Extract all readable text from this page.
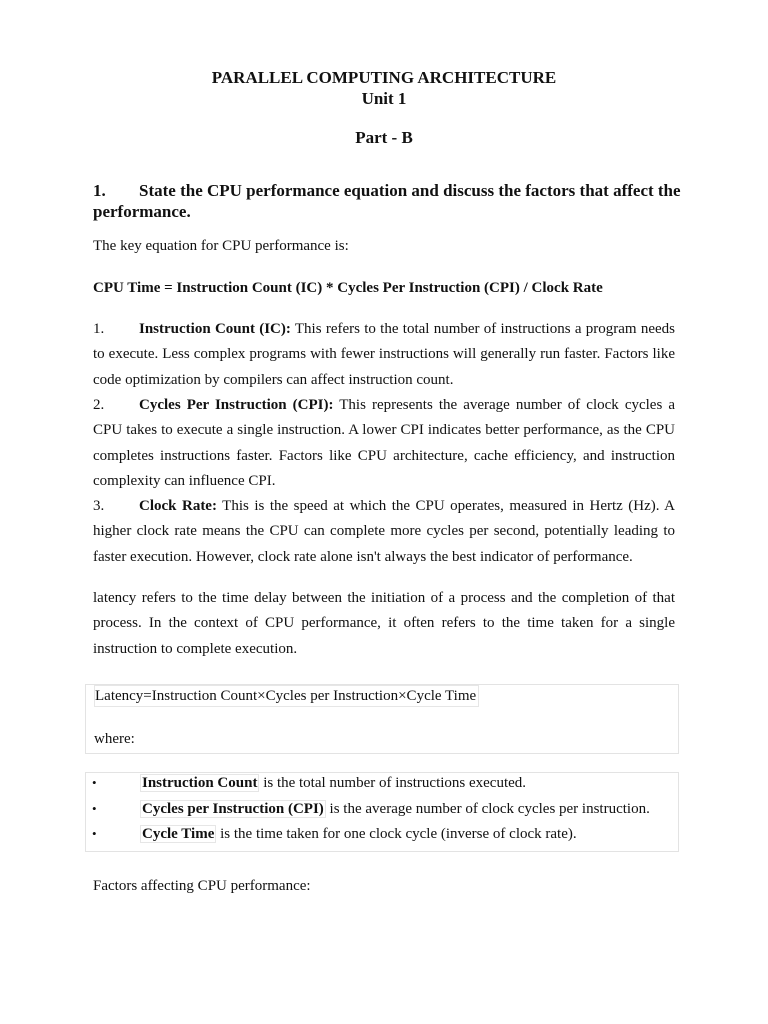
PARALLEL COMPUTING ARCHITECTURE
Unit 1
Part - B
1. State the CPU performance equation and discuss the factors that affect the performance.
The key equation for CPU performance is:
CPU Time = Instruction Count (IC) * Cycles Per Instruction (CPI) / Clock Rate
1. Instruction Count (IC): This refers to the total number of instructions a program needs to execute. Less complex programs with fewer instructions will generally run faster. Factors like code optimization by compilers can affect instruction count.
2. Cycles Per Instruction (CPI): This represents the average number of clock cycles a CPU takes to execute a single instruction. A lower CPI indicates better performance, as the CPU completes instructions faster. Factors like CPU architecture, cache efficiency, and instruction complexity can influence CPI.
3. Clock Rate: This is the speed at which the CPU operates, measured in Hertz (Hz). A higher clock rate means the CPU can complete more cycles per second, potentially leading to faster execution. However, clock rate alone isn't always the best indicator of performance.
latency refers to the time delay between the initiation of a process and the completion of that process. In the context of CPU performance, it often refers to the time taken for a single instruction to complete execution.
Latency=Instruction Count×Cycles per Instruction×Cycle Time
where:
•	Instruction Count is the total number of instructions executed.
•	Cycles per Instruction (CPI) is the average number of clock cycles per instruction.
•	Cycle Time is the time taken for one clock cycle (inverse of clock rate).
Factors affecting CPU performance:
